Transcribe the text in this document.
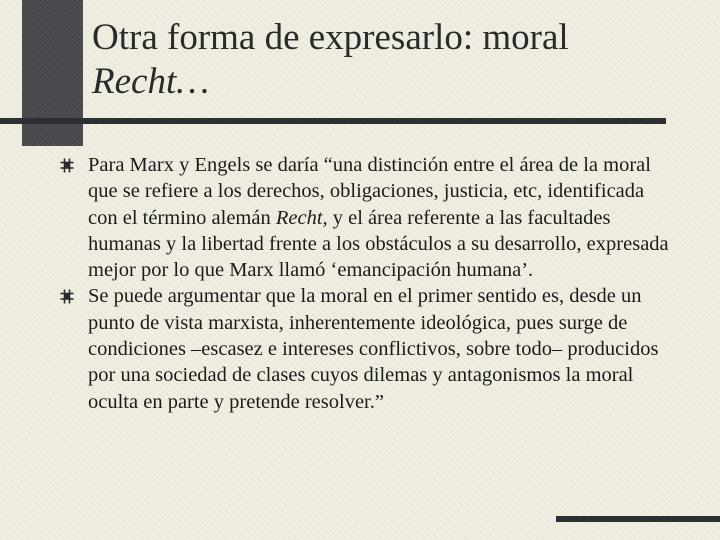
Otra forma de expresarlo: moral
Recht…
Para Marx y Engels se daría “una distinción entre el área de la moral que se refiere a los derechos, obligaciones, justicia, etc, identificada con el término alemán Recht, y el área referente a las facultades humanas y la libertad frente a los obstáculos a su desarrollo, expresada mejor por lo que Marx llamó ‘emancipación humana’.
Se puede argumentar que la moral en el primer sentido es, desde un punto de vista marxista, inherentemente ideológica, pues surge de condiciones –escasez e intereses conflictivos, sobre todo– producidos por una sociedad de clases cuyos dilemas y antagonismos la moral oculta en parte y pretende resolver.”
